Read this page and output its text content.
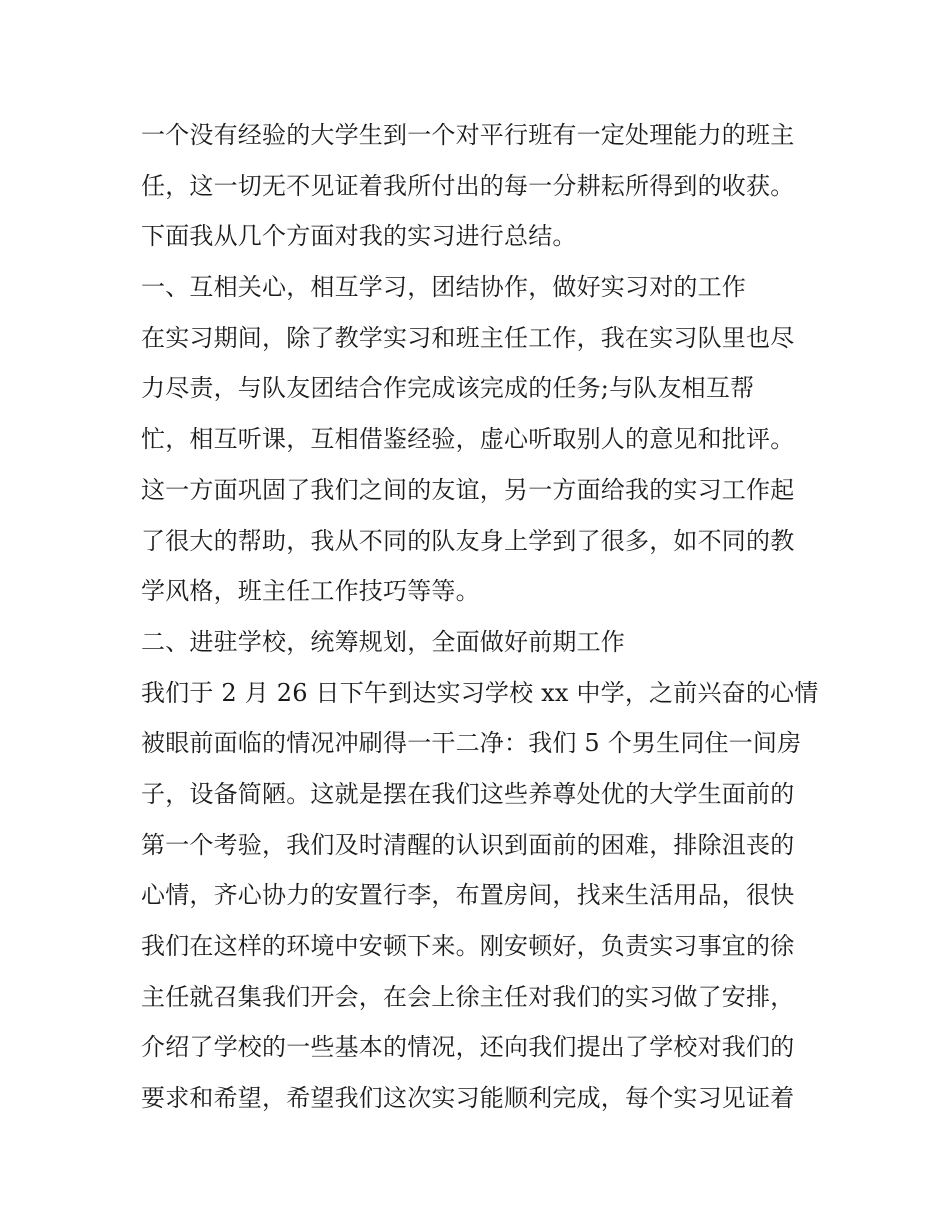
一个没有经验的大学生到一个对平行班有一定处理能力的班主
任，这一切无不见证着我所付出的每一分耕耘所得到的收获。
下面我从几个方面对我的实习进行总结。
一、互相关心，相互学习，团结协作，做好实习对的工作
在实习期间，除了教学实习和班主任工作，我在实习队里也尽
力尽责，与队友团结合作完成该完成的任务;与队友相互帮
忙，相互听课，互相借鉴经验，虚心听取别人的意见和批评。
这一方面巩固了我们之间的友谊，另一方面给我的实习工作起
了很大的帮助，我从不同的队友身上学到了很多，如不同的教
学风格，班主任工作技巧等等。
二、进驻学校，统筹规划，全面做好前期工作
我们于 2 月 26 日下午到达实习学校 xx 中学，之前兴奋的心情
被眼前面临的情况冲刷得一干二净：我们 5 个男生同住一间房
子，设备简陋。这就是摆在我们这些养尊处优的大学生面前的
第一个考验，我们及时清醒的认识到面前的困难，排除沮丧的
心情，齐心协力的安置行李，布置房间，找来生活用品，很快
我们在这样的环境中安顿下来。刚安顿好，负责实习事宜的徐
主任就召集我们开会，在会上徐主任对我们的实习做了安排，
介绍了学校的一些基本的情况，还向我们提出了学校对我们的
要求和希望，希望我们这次实习能顺利完成，每个实习见证着
